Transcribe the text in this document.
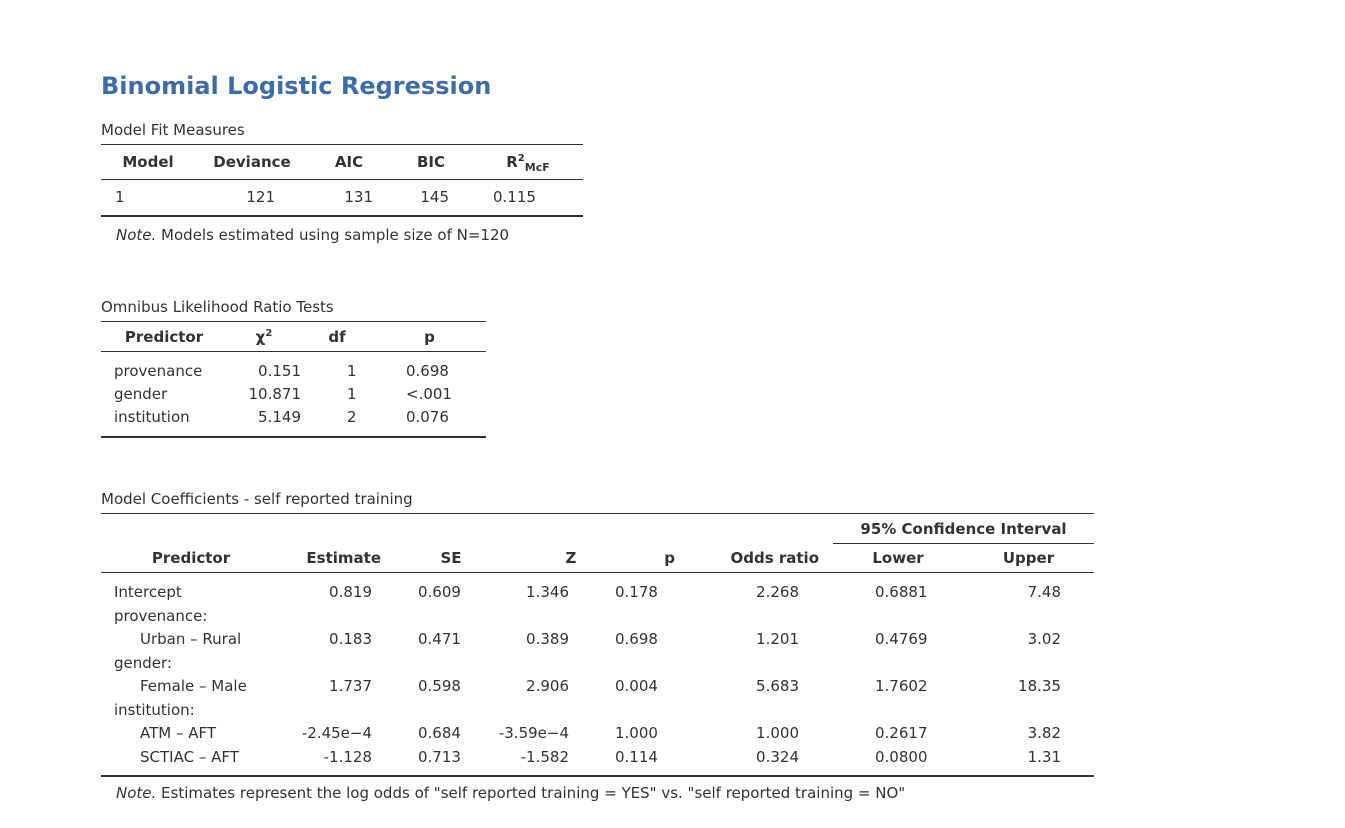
Binomial Logistic Regression
Model Fit Measures
Model	Deviance	AIC	BIC	$R^2_{McF}$
1	121	131	145	0.115
Note. Models estimated using sample size of N=120
Omnibus Likelihood Ratio Tests
Predictor	$\chi^2$	df	p

provenance	0.151	1	0.698
gender	10.871	1	<.001
institution	5.149	2	0.076

Model Coefficients - self reported training
						95% Confidence Interval	
Predictor	Estimate	SE	Z	p	Odds ratio	Lower	Upper

Intercept	0.819	0.609	1.346	0.178	2.268	0.6881	7.48
provenance:							
Urban – Rural	0.183	0.471	0.389	0.698	1.201	0.4769	3.02
gender:							
Female – Male	1.737	0.598	2.906	0.004	5.683	1.7602	18.35
institution:							
ATM – AFT	-2.45e−4	0.684	-3.59e−4	1.000	1.000	0.2617	3.82
SCTIAC – AFT	-1.128	0.713	-1.582	0.114	0.324	0.0800	1.31

Note. Estimates represent the log odds of "self reported training = YES" vs. "self reported training = NO"
